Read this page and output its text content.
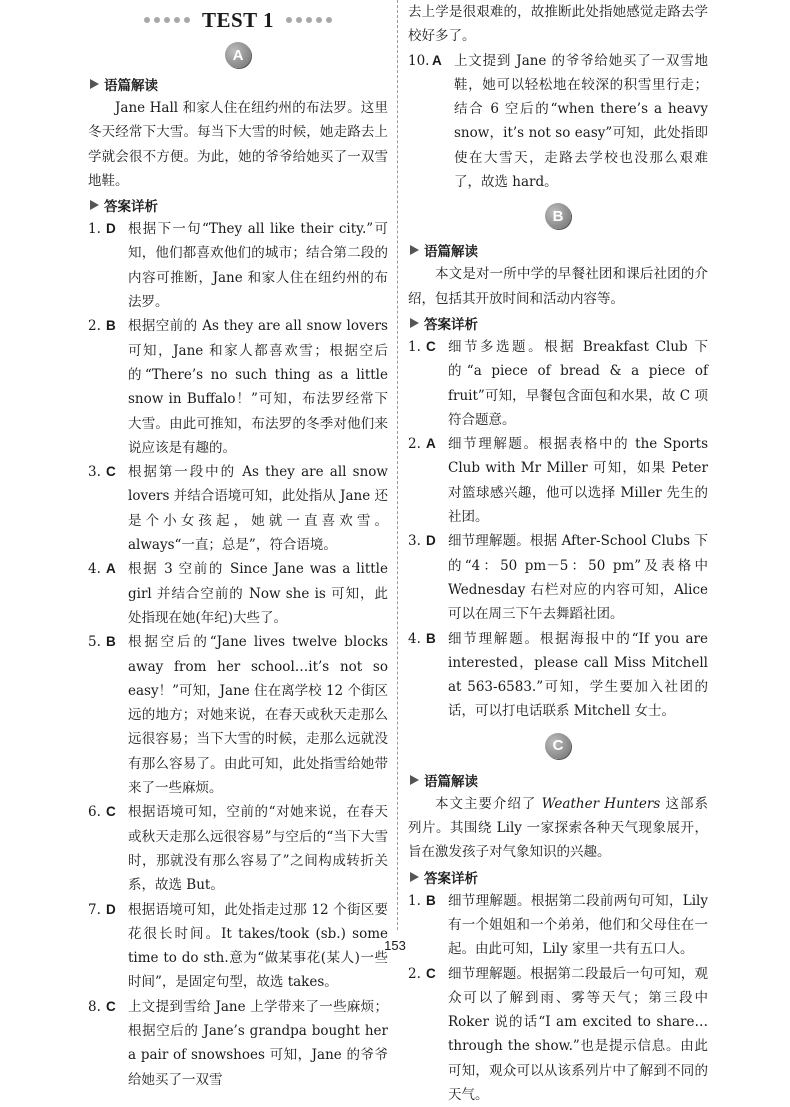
TEST 1
A
语篇解读

Jane Hall 和家人住在纽约州的布法罗。这里冬天经常下大雪。每当下大雪的时候，她走路去上学就会很不方便。为此，她的爷爷给她买了一双雪地鞋。

答案详析
1. D 根据下一句“They all like their city.”可知，他们都喜欢他们的城市；结合第二段的内容可推断，Jane 和家人住在纽约州的布法罗。
2. B 根据空前的 As they are all snow lovers 可知，Jane 和家人都喜欢雪；根据空后的“There’s no such thing as a little snow in Buffalo！”可知，布法罗经常下大雪。由此可推知，布法罗的冬季对他们来说应该是有趣的。
3. C 根据第一段中的 As they are all snow lovers 并结合语境可知，此处指从 Jane 还是个小女孩起，她就一直喜欢雪。always“一直；总是”，符合语境。
4. A 根据 3 空前的 Since Jane was a little girl 并结合空前的 Now she is 可知，此处指现在她(年纪)大些了。
5. B 根据空后的“Jane lives twelve blocks away from her school…it’s not so easy！”可知，Jane 住在离学校 12 个街区远的地方；对她来说，在春天或秋天走那么远很容易；当下大雪的时候，走那么远就没有那么容易了。由此可知，此处指雪给她带来了一些麻烦。
6. C 根据语境可知，空前的“对她来说，在春天或秋天走那么远很容易”与空后的“当下大雪时，那就没有那么容易了”之间构成转折关系，故选 But。
7. D 根据语境可知，此处指走过那 12 个街区要花很长时间。It takes/took (sb.) some time to do sth.意为“做某事花(某人)一些时间”，是固定句型，故选 takes。
8. C 上文提到雪给 Jane 上学带来了一些麻烦；根据空后的 Jane’s grandpa bought her a pair of snowshoes 可知，Jane 的爷爷给她买了一双雪

去上学是很艰难的，故推断此处指她感觉走路去学校好多了。

10. A 上文提到 Jane 的爷爷给她买了一双雪地鞋，她可以轻松地在较深的积雪里行走；结合 6 空后的“when there’s a heavy snow，it’s not so easy”可知，此处指即使在大雪天，走路去学校也没那么艰难了，故选 hard。
B
语篇解读

本文是对一所中学的早餐社团和课后社团的介绍，包括其开放时间和活动内容等。

答案详析
1. C 细节多选题。根据 Breakfast Club 下的“a piece of bread & a piece of fruit”可知，早餐包含面包和水果，故 C 项符合题意。
2. A 细节理解题。根据表格中的 the Sports Club with Mr Miller 可知，如果 Peter 对篮球感兴趣，他可以选择 Miller 先生的社团。
3. D 细节理解题。根据 After-School Clubs 下的“4：50 pm－5：50 pm”及表格中 Wednesday 右栏对应的内容可知，Alice 可以在周三下午去舞蹈社团。
4. B 细节理解题。根据海报中的“If you are interested，please call Miss Mitchell at 563-6583.”可知，学生要加入社团的话，可以打电话联系 Mitchell 女士。
C
语篇解读

本文主要介绍了 Weather Hunters 这部系列片。其围绕 Lily 一家探索各种天气现象展开，旨在激发孩子对气象知识的兴趣。

答案详析
1. B 细节理解题。根据第二段前两句可知，Lily 有一个姐姐和一个弟弟，他们和父母住在一起。由此可知，Lily 家里一共有五口人。
2. C 细节理解题。根据第二段最后一句可知，观众可以了解到雨、雾等天气；第三段中 Roker 说的话“I am excited to share… through the show.”也是提示信息。由此可知，观众可以从该系列片中了解到不同的天气。
153
